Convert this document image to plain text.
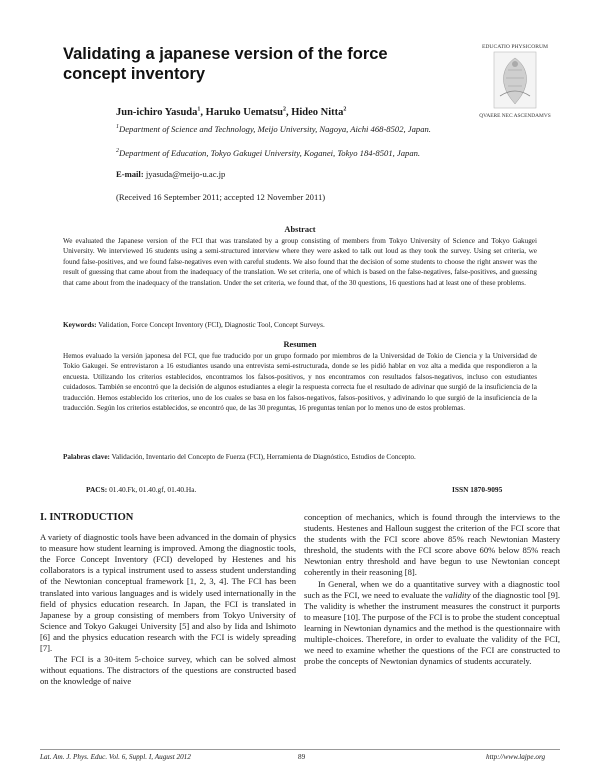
Validating a japanese version of the force concept inventory
EDUCATIO PHYSICORUM
QVAERE NEC ASCENDAMVS
Jun-ichiro Yasuda$^1$, Haruko Uematsu$^2$, Hideo Nitta$^2$
$^1$Department of Science and Technology, Meijo University, Nagoya, Aichi 468-8502, Japan.
$^2$Department of Education, Tokyo Gakugei University, Koganei, Tokyo 184-8501, Japan.
E-mail: jyasuda@meijo-u.ac.jp
(Received 16 September 2011; accepted 12 November 2011)
Abstract
We evaluated the Japanese version of the FCI that was translated by a group consisting of members from Tokyo University of Science and Tokyo Gakugei University. We interviewed 16 students using a semi-structured interview where they were asked to talk out loud as they took the survey. Using set criteria, we found false-positives, and we found false-negatives even with careful students. We also found that the decision of some students to choose the right answer was the result of guessing that came about from the inadequacy of the translation. We set criteria, one of which is based on the false-negatives, false-positives, and guessing that came about from the inadequacy of the translation. Under the set criteria, we found that, of the 30 questions, 16 questions had at least one of these problems.
Keywords: Validation, Force Concept Inventory (FCI), Diagnostic Tool, Concept Surveys.
Resumen
Hemos evaluado la versión japonesa del FCI, que fue traducido por un grupo formado por miembros de la Universidad de Tokio de Ciencia y la Universidad de Tokio Gakugei. Se entrevistaron a 16 estudiantes usando una entrevista semi-estructurada, donde se les pidió hablar en voz alta a medida que respondieron a la encuesta. Utilizando los criterios establecidos, encontramos los falsos-positivos, y nos encontramos con resultados falsos-negativos, incluso con estudiantes cuidadosos. También se encontró que la decisión de algunos estudiantes a elegir la respuesta correcta fue el resultado de adivinar que surgió de la insuficiencia de la traducción. Hemos establecido los criterios, uno de los cuales se basa en los falsos-negativos, falsos-positivos, y adivinando lo que surgió de la insuficiencia de la traducción. Según los criterios establecidos, se encontró que, de las 30 preguntas, 16 preguntas tenían por lo menos uno de estos problemas.
Palabras clave: Validación, Inventario del Concepto de Fuerza (FCI), Herramienta de Diagnóstico, Estudios de Concepto.
PACS: 01.40.Fk, 01.40.gf, 01.40.Ha.	ISSN 1870-9095
I. INTRODUCTION

A variety of diagnostic tools have been advanced in the domain of physics to measure how student learning is improved. Among the diagnostic tools, the Force Concept Inventory (FCI) developed by Hestenes and his collaborators is a typical instrument used to assess student understanding of the Newtonian conceptual framework [1, 2, 3, 4]. The FCI has been translated into various languages and is widely used internationally in the field of physics education research. In Japan, the FCI is translated in Japanese by a group consisting of members from Tokyo University of Science and Tokyo Gakugei University [5] and also by Iida and Ishimoto [6] and the physics education research with the FCI is widely spreading [7].

The FCI is a 30-item 5-choice survey, which can be solved almost without equations. The distractors of the questions are constructed based on the knowledge of naive

conception of mechanics, which is found through the interviews to the students. Hestenes and Halloun suggest the criterion of the FCI score that the students with the FCI score above 85% reach Newtonian Mastery threshold, the students with the FCI score above 60% below 85% reach Newtonian entry threshold and have begun to use Newtonian concept coherently in their reasoning [8].

In General, when we do a quantitative survey with a diagnostic tool such as the FCI, we need to evaluate the validity of the diagnostic tool [9]. The validity is whether the instrument measures the construct it purports to measure [10]. The purpose of the FCI is to probe the student conceptual learning in Newtonian dynamics and the method is the questionnaire with multiple-choices. Therefore, in order to evaluate the validity of the FCI, we need to examine whether the questions of the FCI are constructed to probe the concepts of Newtonian dynamics of students accurately.

Lat. Am. J. Phys. Educ. Vol. 6, Suppl. I, August 2012	89	http://www.lajpe.org
